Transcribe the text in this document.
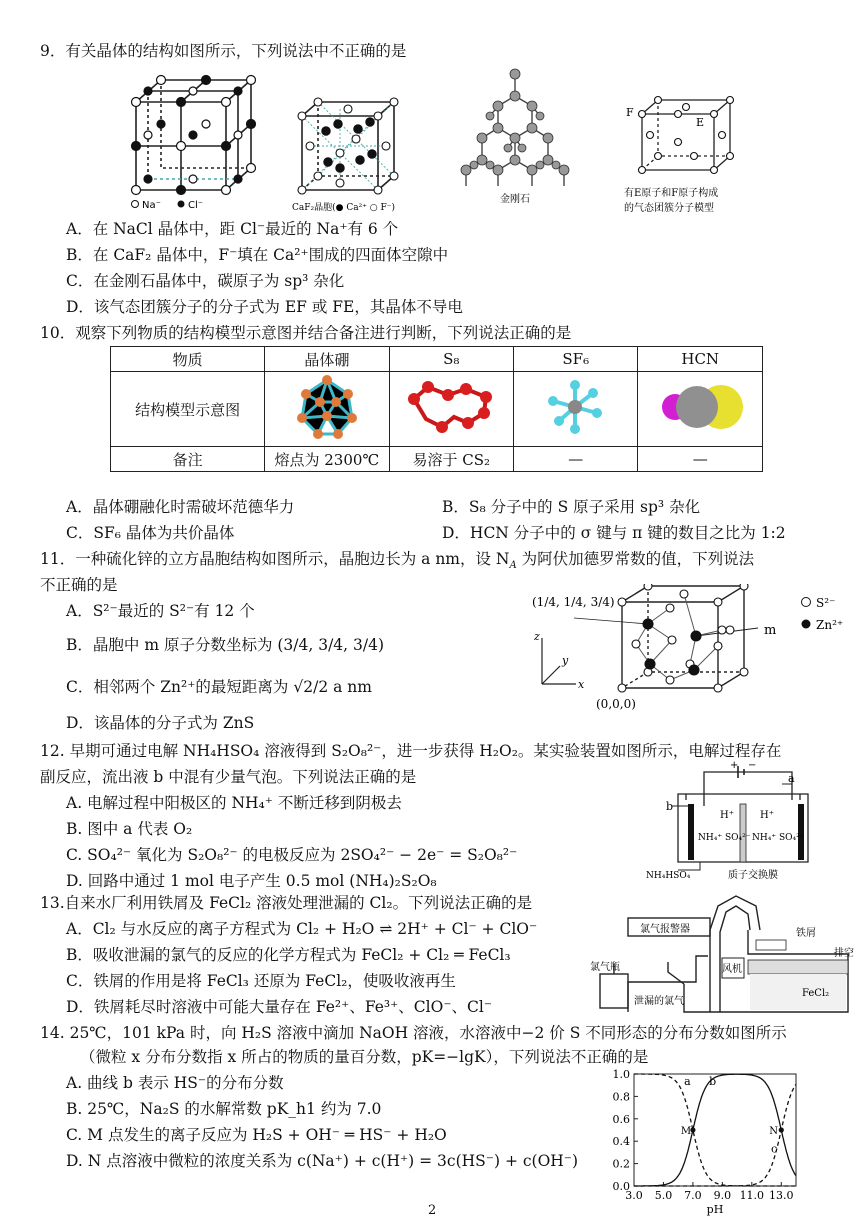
9．有关晶体的结构如图所示，下列说法中不正确的是
Na⁻	Cl⁻	CaF₂晶胞(● Ca²⁺ ○ F⁻)
金刚石
F
E
有E原子和F原子构成
的气态团簇分子模型
A．在 NaCl 晶体中，距 Cl⁻最近的 Na⁺有 6 个
B．在 CaF₂ 晶体中，F⁻填在 Ca²⁺围成的四面体空隙中
C．在金刚石晶体中，碳原子为 sp³ 杂化
D．该气态团簇分子的分子式为 EF 或 FE，其晶体不导电
10．观察下列物质的结构模型示意图并结合备注进行判断，下列说法正确的是
物质	晶体硼	S₈	SF₆	HCN
结构模型示意图				
备注	熔点为 2300℃	易溶于 CS₂	—	—
A．晶体硼融化时需破坏范德华力	B．S₈ 分子中的 S 原子采用 sp³ 杂化
C．SF₆ 晶体为共价晶体	D．HCN 分子中的 σ 键与 π 键的数目之比为 1:2
11．一种硫化锌的立方晶胞结构如图所示，晶胞边长为 a nm，设 $N_A$ 为阿伏加德罗常数的值，下列说法
不正确的是
A．S²⁻最近的 S²⁻有 12 个
B．晶胞中 m 原子分数坐标为 (3/4, 3/4, 3/4)
C．相邻两个 Zn²⁺的最短距离为 √2/2 a nm
D．该晶体的分子式为 ZnS
(1/4, 1/4, 3/4)
m
z
y
x
(0,0,0)
S²⁻
Zn²⁺
12. 早期可通过电解 NH₄HSO₄ 溶液得到 S₂O₈²⁻，进一步获得 H₂O₂。某实验装置如图所示，电解过程存在
副反应，流出液 b 中混有少量气泡。下列说法正确的是
A. 电解过程中阳极区的 NH₄⁺ 不断迁移到阴极去
B. 图中 a 代表 O₂
C. SO₄²⁻ 氧化为 S₂O₈²⁻ 的电极反应为 2SO₄²⁻ − 2e⁻ = S₂O₈²⁻
D. 回路中通过 1 mol 电子产生 0.5 mol (NH₄)₂S₂O₈
+ −
a
b
H⁺	H⁺
NH₄⁺ SO₄²⁻ NH₄⁺ SO₄²⁻
NH₄HSO₄	质子交换膜
13.自来水厂利用铁屑及 FeCl₂ 溶液处理泄漏的 Cl₂。下列说法正确的是
A．Cl₂ 与水反应的离子方程式为 Cl₂ + H₂O ⇌ 2H⁺ + Cl⁻ + ClO⁻
B．吸收泄漏的氯气的反应的化学方程式为 FeCl₂ + Cl₂ ═ FeCl₃
C．铁屑的作用是将 FeCl₃ 还原为 FeCl₂，使吸收液再生
D．铁屑耗尽时溶液中可能大量存在 Fe²⁺、Fe³⁺、ClO⁻、Cl⁻
氯气瓶
氯气报警器
风机
铁屑
泄漏的氯气
FeCl₂
排空
14. 25℃，101 kPa 时，向 H₂S 溶液中滴加 NaOH 溶液，水溶液中−2 价 S 不同形态的分布分数如图所示
（微粒 x 分布分数指 x 所占的物质的量百分数，pK=−lgK），下列说法不正确的是
A. 曲线 b 表示 HS⁻的分布分数
B. 25℃，Na₂S 的水解常数 pK_h1 约为 7.0
C. M 点发生的离子反应为 H₂S + OH⁻ ═ HS⁻ + H₂O
D. N 点溶液中微粒的浓度关系为 c(Na⁺) + c(H⁺) = 3c(HS⁻) + c(OH⁻)
0.0
0.2
0.4
0.6
0.8
1.0
3.0 5.0 7.0 9.0 11.0 13.0
pH
a b
c
M	N
2
